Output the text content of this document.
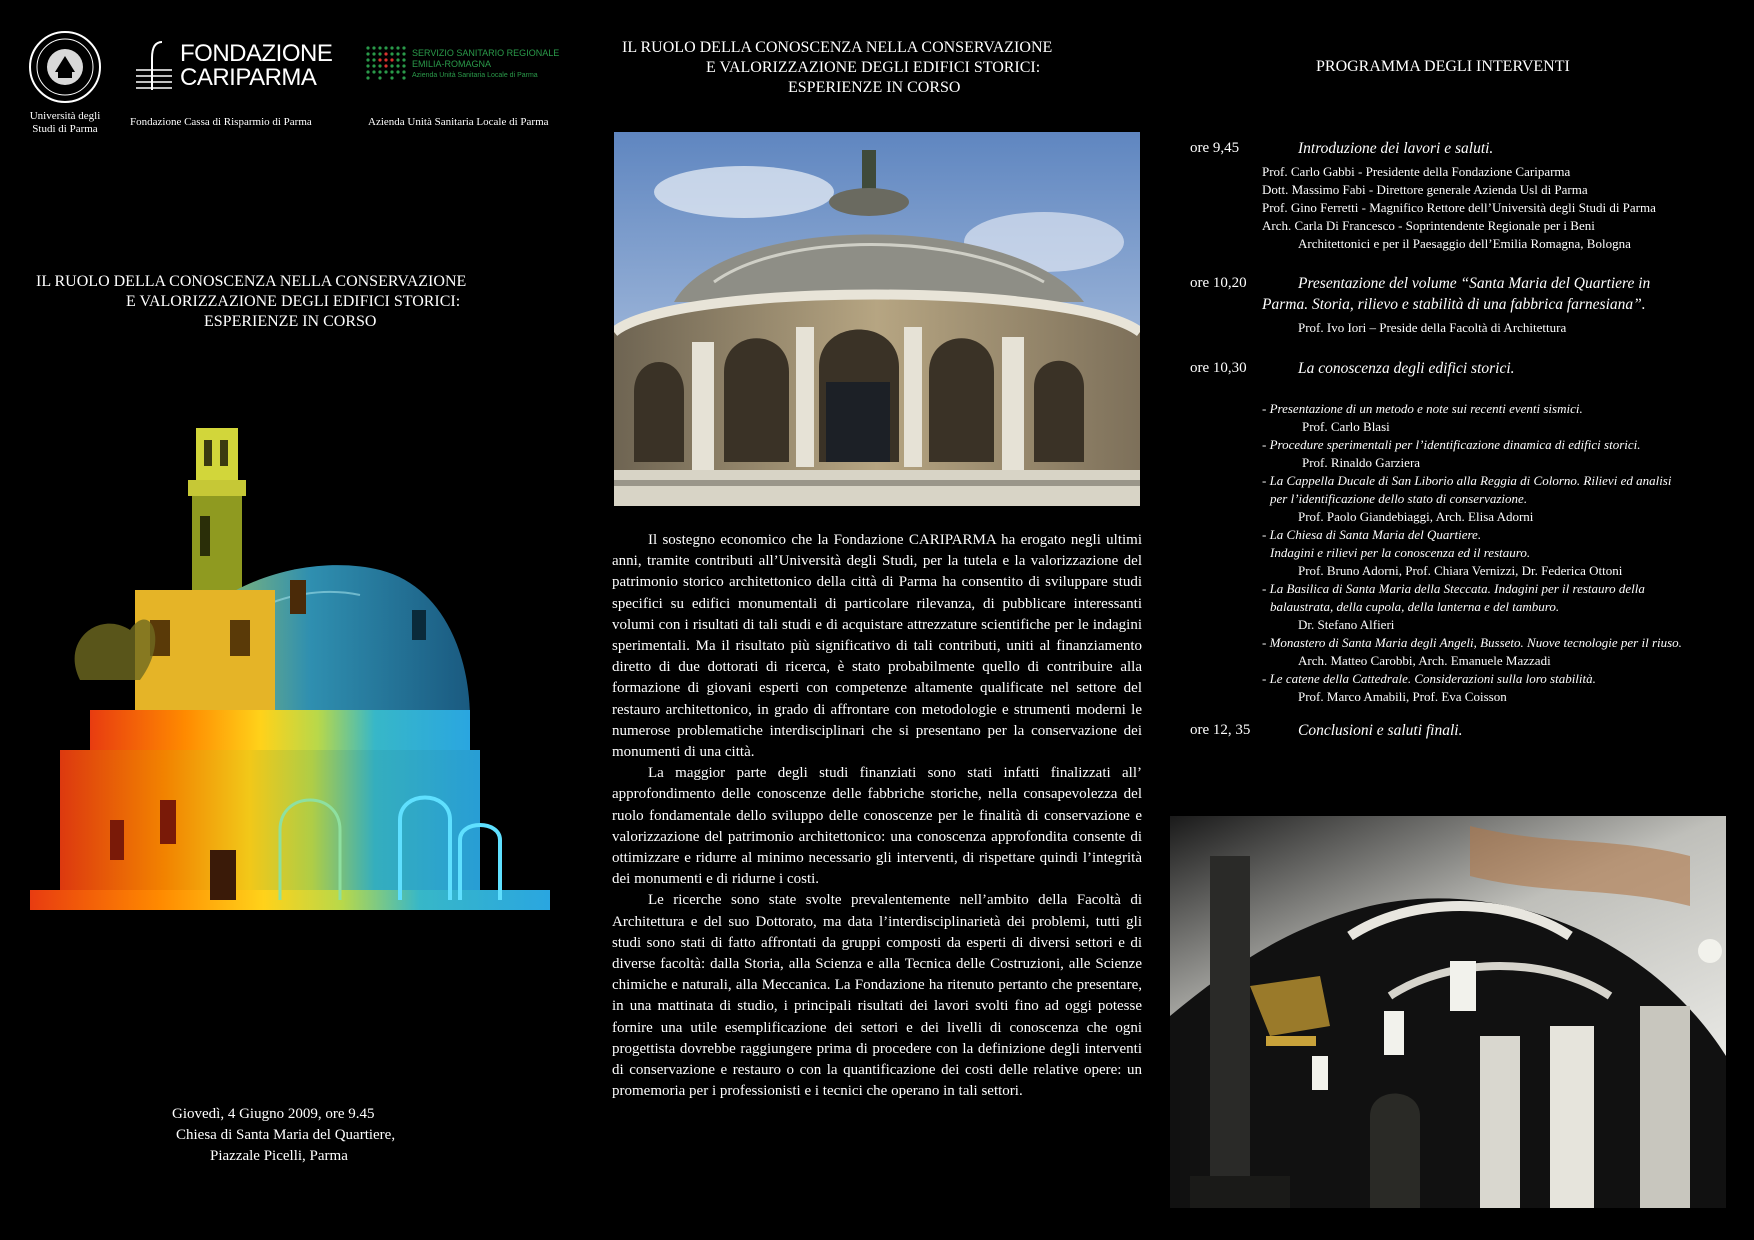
Università degli
Studi di Parma
FONDAZIONE
CARIPARMA
Fondazione Cassa di Risparmio di Parma
SERVIZIO SANITARIO REGIONALE
EMILIA-ROMAGNA
Azienda Unità Sanitaria Locale di Parma
Azienda Unità Sanitaria Locale di Parma
IL RUOLO DELLA CONOSCENZA NELLA CONSERVAZIONE
E VALORIZZAZIONE DEGLI EDIFICI STORICI:
ESPERIENZE IN CORSO
Giovedì, 4 Giugno 2009, ore 9.45
Chiesa di Santa Maria del Quartiere,
Piazzale Picelli, Parma
IL RUOLO DELLA CONOSCENZA NELLA CONSERVAZIONE
E VALORIZZAZIONE DEGLI EDIFICI STORICI:
ESPERIENZE IN CORSO

Il sostegno economico che la Fondazione CARIPARMA ha erogato negli ultimi anni, tramite contributi all’Università degli Studi, per la tutela e la valorizzazione del patrimonio storico architettonico della città di Parma ha consentito di sviluppare studi specifici su edifici monumentali di particolare rilevanza, di pubblicare interessanti volumi con i risultati di tali studi e di acquistare attrezzature scientifiche per le indagini sperimentali. Ma il risultato più significativo di tali contributi, uniti al finanziamento diretto di due dottorati di ricerca, è stato probabilmente quello di contribuire alla formazione di giovani esperti con competenze altamente qualificate nel settore del restauro architettonico, in grado di affrontare con metodologie e strumenti moderni le numerose problematiche interdisciplinari che si presentano per la conservazione dei monumenti di una città.

La maggior parte degli studi finanziati sono stati infatti finalizzati all’ approfondimento delle conoscenze delle fabbriche storiche, nella consapevolezza del ruolo fondamentale dello sviluppo delle conoscenze per le finalità di conservazione e valorizzazione del patrimonio architettonico: una conoscenza approfondita consente di ottimizzare e ridurre al minimo necessario gli interventi, di rispettare quindi l’integrità dei monumenti e di ridurne i costi.

Le ricerche sono state svolte prevalentemente nell’ambito della Facoltà di Architettura e del suo Dottorato, ma data l’interdisciplinarietà dei problemi, tutti gli studi sono stati di fatto affrontati da gruppi composti da esperti di diversi settori e di diverse facoltà: dalla Storia, alla Scienza e alla Tecnica delle Costruzioni, alle Scienze chimiche e naturali, alla Meccanica. La Fondazione ha ritenuto pertanto che presentare, in una mattinata di studio, i principali risultati dei lavori svolti fino ad oggi potesse fornire una utile esemplificazione dei settori e dei livelli di conoscenza che ogni progettista dovrebbe raggiungere prima di procedere con la definizione degli interventi di conservazione e restauro o con la quantificazione dei costi delle relative opere: un promemoria per i professionisti e i tecnici che operano in tali settori.

PROGRAMMA DEGLI INTERVENTI
ore 9,45	Introduzione dei lavori e saluti.
Prof. Carlo Gabbi - Presidente della Fondazione Cariparma
Dott. Massimo Fabi - Direttore generale Azienda Usl di Parma
Prof. Gino Ferretti - Magnifico Rettore dell’Università degli Studi di Parma
Arch. Carla Di Francesco - Soprintendente Regionale per i Beni
Architettonici e per il Paesaggio dell’Emilia Romagna, Bologna
ore 10,20	Presentazione del volume “Santa Maria del Quartiere in
Parma. Storia, rilievo e stabilità di una fabbrica farnesiana”.
Prof. Ivo Iori – Preside della Facoltà di Architettura
ore 10,30	La conoscenza degli edifici storici.
- Presentazione di un metodo e note sui recenti eventi sismici.
Prof. Carlo Blasi
- Procedure sperimentali per l’identificazione dinamica di edifici storici.
Prof. Rinaldo Garziera
- La Cappella Ducale di San Liborio alla Reggia di Colorno. Rilievi ed analisi
per l’identificazione dello stato di conservazione.
Prof. Paolo Giandebiaggi, Arch. Elisa Adorni
- La Chiesa di Santa Maria del Quartiere.
Indagini e rilievi per la conoscenza ed il restauro.
Prof. Bruno Adorni, Prof. Chiara Vernizzi, Dr. Federica Ottoni
- La Basilica di Santa Maria della Steccata. Indagini per il restauro della
balaustrata, della cupola, della lanterna e del tamburo.
Dr. Stefano Alfieri
- Monastero di Santa Maria degli Angeli, Busseto. Nuove tecnologie per il riuso.
Arch. Matteo Carobbi, Arch. Emanuele Mazzadi
- Le catene della Cattedrale. Considerazioni sulla loro stabilità.
Prof. Marco Amabili, Prof. Eva Coisson
ore 12, 35	Conclusioni e saluti finali.
